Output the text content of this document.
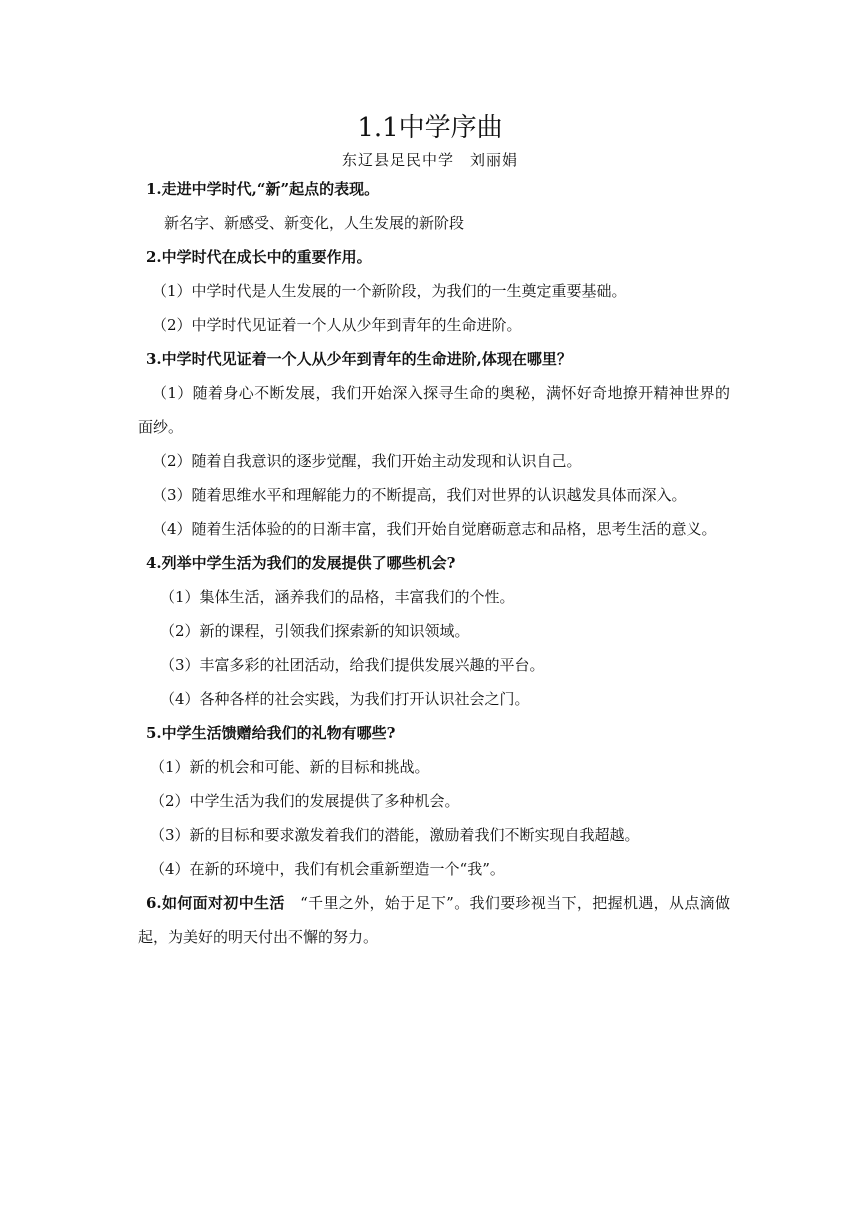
1.1中学序曲
东辽县足民中学　刘丽娟
1.走进中学时代,“新”起点的表现。
新名字、新感受、新变化，人生发展的新阶段
2.中学时代在成长中的重要作用。
（1）中学时代是人生发展的一个新阶段，为我们的一生奠定重要基础。
（2）中学时代见证着一个人从少年到青年的生命进阶。
3.中学时代见证着一个人从少年到青年的生命进阶,体现在哪里？
（1）随着身心不断发展，我们开始深入探寻生命的奥秘，满怀好奇地撩开精神世界的面纱。
（2）随着自我意识的逐步觉醒，我们开始主动发现和认识自己。
（3）随着思维水平和理解能力的不断提高，我们对世界的认识越发具体而深入。
（4）随着生活体验的的日渐丰富，我们开始自觉磨砺意志和品格，思考生活的意义。
4.列举中学生活为我们的发展提供了哪些机会?
（1）集体生活，涵养我们的品格，丰富我们的个性。
（2）新的课程，引领我们探索新的知识领域。
（3）丰富多彩的社团活动，给我们提供发展兴趣的平台。
（4）各种各样的社会实践，为我们打开认识社会之门。
5.中学生活馈赠给我们的礼物有哪些?
（1）新的机会和可能、新的目标和挑战。
（2）中学生活为我们的发展提供了多种机会。
（3）新的目标和要求激发着我们的潜能，激励着我们不断实现自我超越。
（4）在新的环境中，我们有机会重新塑造一个“我”。
6.如何面对初中生活　“千里之外，始于足下”。我们要珍视当下，把握机遇，从点滴做起，为美好的明天付出不懈的努力。
